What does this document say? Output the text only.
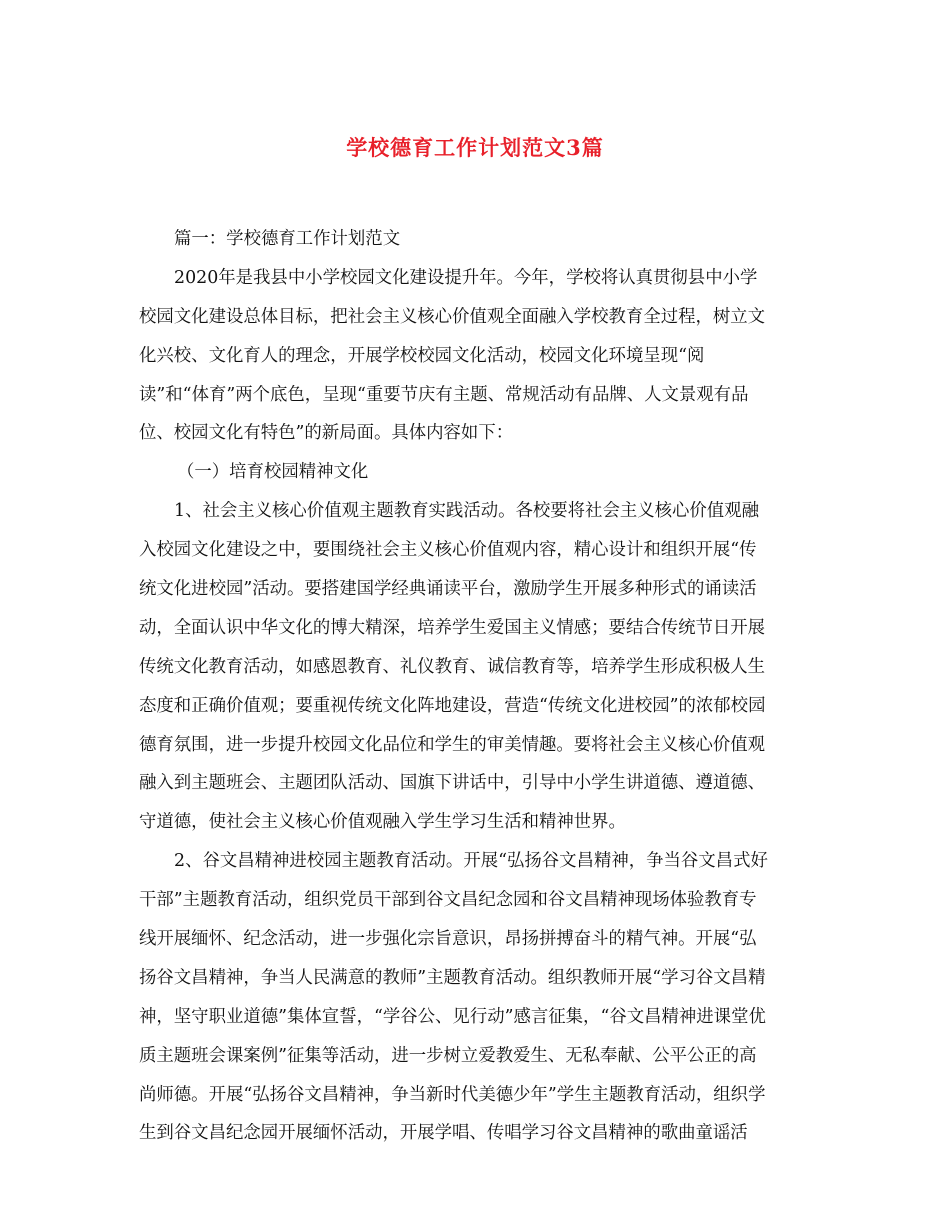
学校德育工作计划范文3篇
篇一：学校德育工作计划范文
2020年是我县中小学校园文化建设提升年。今年，学校将认真贯彻县中小学
校园文化建设总体目标，把社会主义核心价值观全面融入学校教育全过程，树立文
化兴校、文化育人的理念，开展学校校园文化活动，校园文化环境呈现“阅
读”和“体育”两个底色，呈现“重要节庆有主题、常规活动有品牌、人文景观有品
位、校园文化有特色”的新局面。具体内容如下：
（一）培育校园精神文化
1、社会主义核心价值观主题教育实践活动。各校要将社会主义核心价值观融
入校园文化建设之中，要围绕社会主义核心价值观内容，精心设计和组织开展“传
统文化进校园”活动。要搭建国学经典诵读平台，激励学生开展多种形式的诵读活
动，全面认识中华文化的博大精深，培养学生爱国主义情感；要结合传统节日开展
传统文化教育活动，如感恩教育、礼仪教育、诚信教育等，培养学生形成积极人生
态度和正确价值观；要重视传统文化阵地建设，营造“传统文化进校园”的浓郁校园
德育氛围，进一步提升校园文化品位和学生的审美情趣。要将社会主义核心价值观
融入到主题班会、主题团队活动、国旗下讲话中，引导中小学生讲道德、遵道德、
守道德，使社会主义核心价值观融入学生学习生活和精神世界。
2、谷文昌精神进校园主题教育活动。开展“弘扬谷文昌精神，争当谷文昌式好
干部”主题教育活动，组织党员干部到谷文昌纪念园和谷文昌精神现场体验教育专
线开展缅怀、纪念活动，进一步强化宗旨意识，昂扬拼搏奋斗的精气神。开展“弘
扬谷文昌精神，争当人民满意的教师”主题教育活动。组织教师开展“学习谷文昌精
神，坚守职业道德”集体宣誓，“学谷公、见行动”感言征集，“谷文昌精神进课堂优
质主题班会课案例”征集等活动，进一步树立爱教爱生、无私奉献、公平公正的高
尚师德。开展“弘扬谷文昌精神，争当新时代美德少年”学生主题教育活动，组织学
生到谷文昌纪念园开展缅怀活动，开展学唱、传唱学习谷文昌精神的歌曲童谣活
